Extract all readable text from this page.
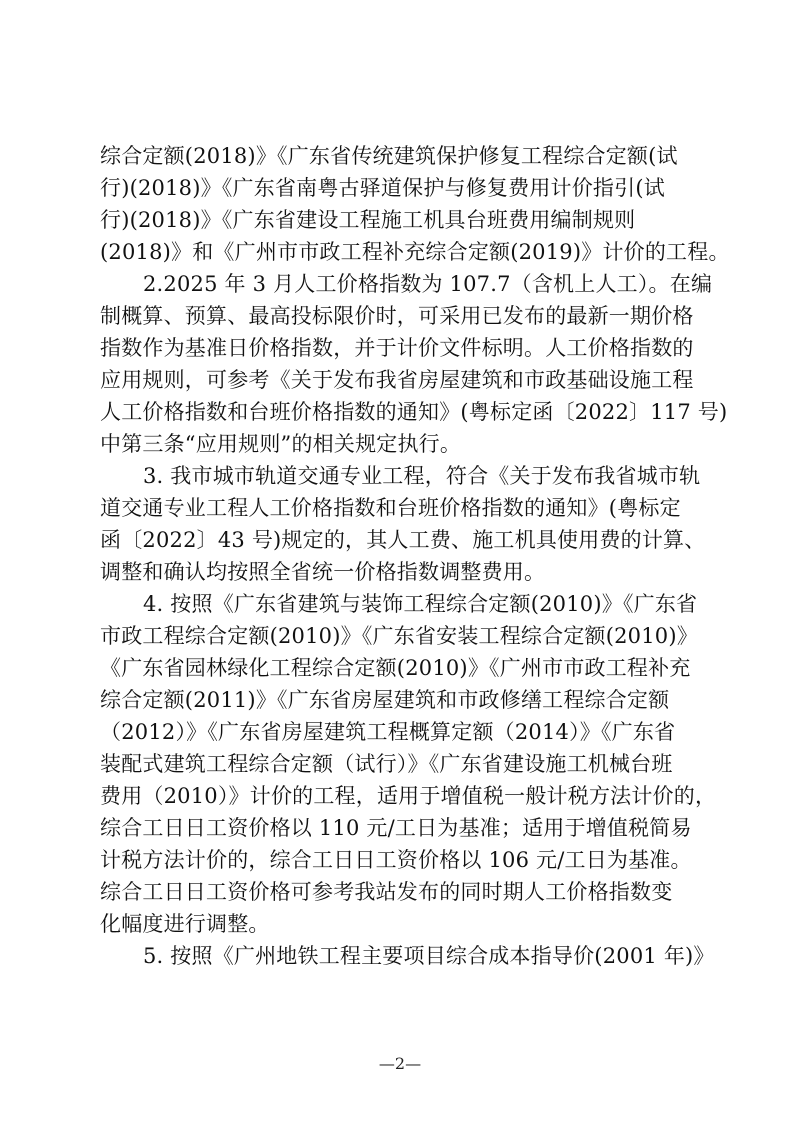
综合定额(2018)》《广东省传统建筑保护修复工程综合定额(试
行)(2018)》《广东省南粤古驿道保护与修复费用计价指引(试
行)(2018)》《广东省建设工程施工机具台班费用编制规则
(2018)》和《广州市市政工程补充综合定额(2019)》计价的工程。
2.2025 年 3 月人工价格指数为 107.7（含机上人工）。在编
制概算、预算、最高投标限价时，可采用已发布的最新一期价格
指数作为基准日价格指数，并于计价文件标明。人工价格指数的
应用规则，可参考《关于发布我省房屋建筑和市政基础设施工程
人工价格指数和台班价格指数的通知》(粤标定函〔2022〕117 号)
中第三条“应用规则”的相关规定执行。
3. 我市城市轨道交通专业工程，符合《关于发布我省城市轨
道交通专业工程人工价格指数和台班价格指数的通知》(粤标定
函〔2022〕43 号)规定的，其人工费、施工机具使用费的计算、
调整和确认均按照全省统一价格指数调整费用。
4. 按照《广东省建筑与装饰工程综合定额(2010)》《广东省
市政工程综合定额(2010)》《广东省安装工程综合定额(2010)》
《广东省园林绿化工程综合定额(2010)》《广州市市政工程补充
综合定额(2011)》《广东省房屋建筑和市政修缮工程综合定额
（2012）》《广东省房屋建筑工程概算定额（2014）》《广东省
装配式建筑工程综合定额（试行）》《广东省建设施工机械台班
费用（2010）》计价的工程，适用于增值税一般计税方法计价的，
综合工日日工资价格以 110 元/工日为基准；适用于增值税简易
计税方法计价的，综合工日日工资价格以 106 元/工日为基准。
综合工日日工资价格可参考我站发布的同时期人工价格指数变
化幅度进行调整。
5. 按照《广州地铁工程主要项目综合成本指导价(2001 年)》
—2—
